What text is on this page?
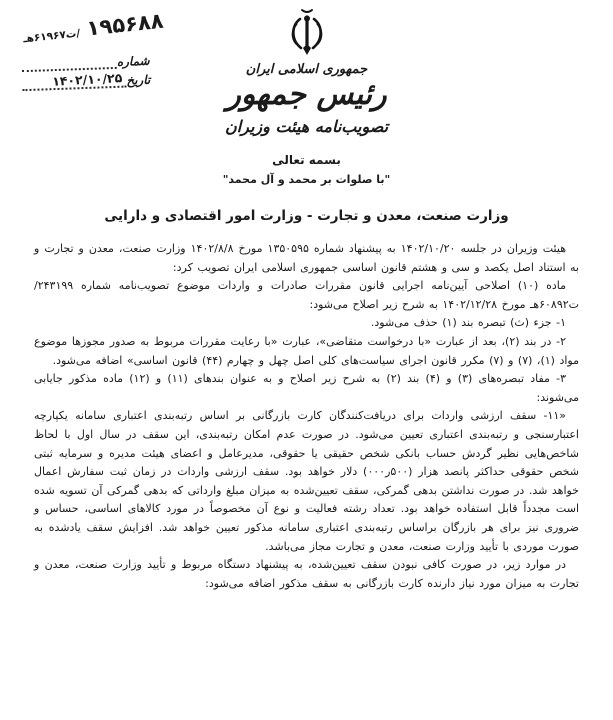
۱۹۵۶۸۸ /ت۶۱۹۶۷هـ
شماره
تاریخ
۱۴۰۲/۱۰/۲۵
جمهوری اسلامی ایران
رئیس جمهور
تصویب‌نامه هیئت وزیران
بسمه تعالی
"با صلوات بر محمد و آل محمد"
وزارت صنعت، معدن و تجارت - وزارت امور اقتصادی و دارایی

هیئت وزیران در جلسه ۱۴۰۲/۱۰/۲۰ به پیشنهاد شماره ۱۳۵۰۵۹۵ مورخ ۱۴۰۲/۸/۸ وزارت صنعت، معدن و تجارت و به استناد اصل یکصد و سی و هشتم قانون اساسی جمهوری اسلامی ایران تصویب کرد:

ماده (۱۰) اصلاحی آیین‌نامه اجرایی قانون مقررات صادرات و واردات موضوع تصویب‌نامه شماره ۲۴۳۱۹۹/ت۶۰۸۹۲هـ مورخ ۱۴۰۲/۱۲/۲۸ به شرح زیر اصلاح می‌شود:

۱- جزء (ث) تبصره بند (۱) حذف می‌شود.

۲- در بند (۲)، بعد از عبارت «با درخواست متقاضی»، عبارت «با رعایت مقررات مربوط به صدور مجوزها موضوع مواد (۱)، (۷) و (۷) مکرر قانون اجرای سیاست‌های کلی اصل چهل و چهارم (۴۴) قانون اساسی» اضافه می‌شود.

۳- مفاد تبصره‌های (۳) و (۴) بند (۲) به شرح زیر اصلاح و به عنوان بندهای (۱۱) و (۱۲) ماده مذکور جایابی می‌شوند:

«۱۱- سقف ارزشی واردات برای دریافت‌کنندگان کارت بازرگانی بر اساس رتبه‌بندی اعتباری سامانه یکپارچه اعتبارسنجی و رتبه‌بندی اعتباری تعیین می‌شود. در صورت عدم امکان رتبه‌بندی، این سقف در سال اول با لحاظ شاخص‌هایی نظیر گردش حساب بانکی شخص حقیقی یا حقوقی، مدیرعامل و اعضای هیئت مدیره و سرمایه ثبتی شخص حقوقی حداکثر پانصد هزار (۵۰۰ر۰۰۰) دلار خواهد بود. سقف ارزشی واردات در زمان ثبت سفارش اعمال خواهد شد. در صورت نداشتن بدهی گمرکی، سقف تعیین‌شده به میزان مبلغ وارداتی که بدهی گمرکی آن تسویه شده است مجدداً قابل استفاده خواهد بود. تعداد رشته فعالیت و نوع آن مخصوصاً در مورد کالاهای اساسی، حساس و ضروری نیز برای هر بازرگان براساس رتبه‌بندی اعتباری سامانه مذکور تعیین خواهد شد. افزایش سقف یادشده به صورت موردی با تأیید وزارت صنعت، معدن و تجارت مجاز می‌باشد.

در موارد زیر، در صورت کافی نبودن سقف تعیین‌شده، به پیشنهاد دستگاه مربوط و تأیید وزارت صنعت، معدن و تجارت به میزان مورد نیاز دارنده کارت بازرگانی به سقف مذکور اضافه می‌شود:
